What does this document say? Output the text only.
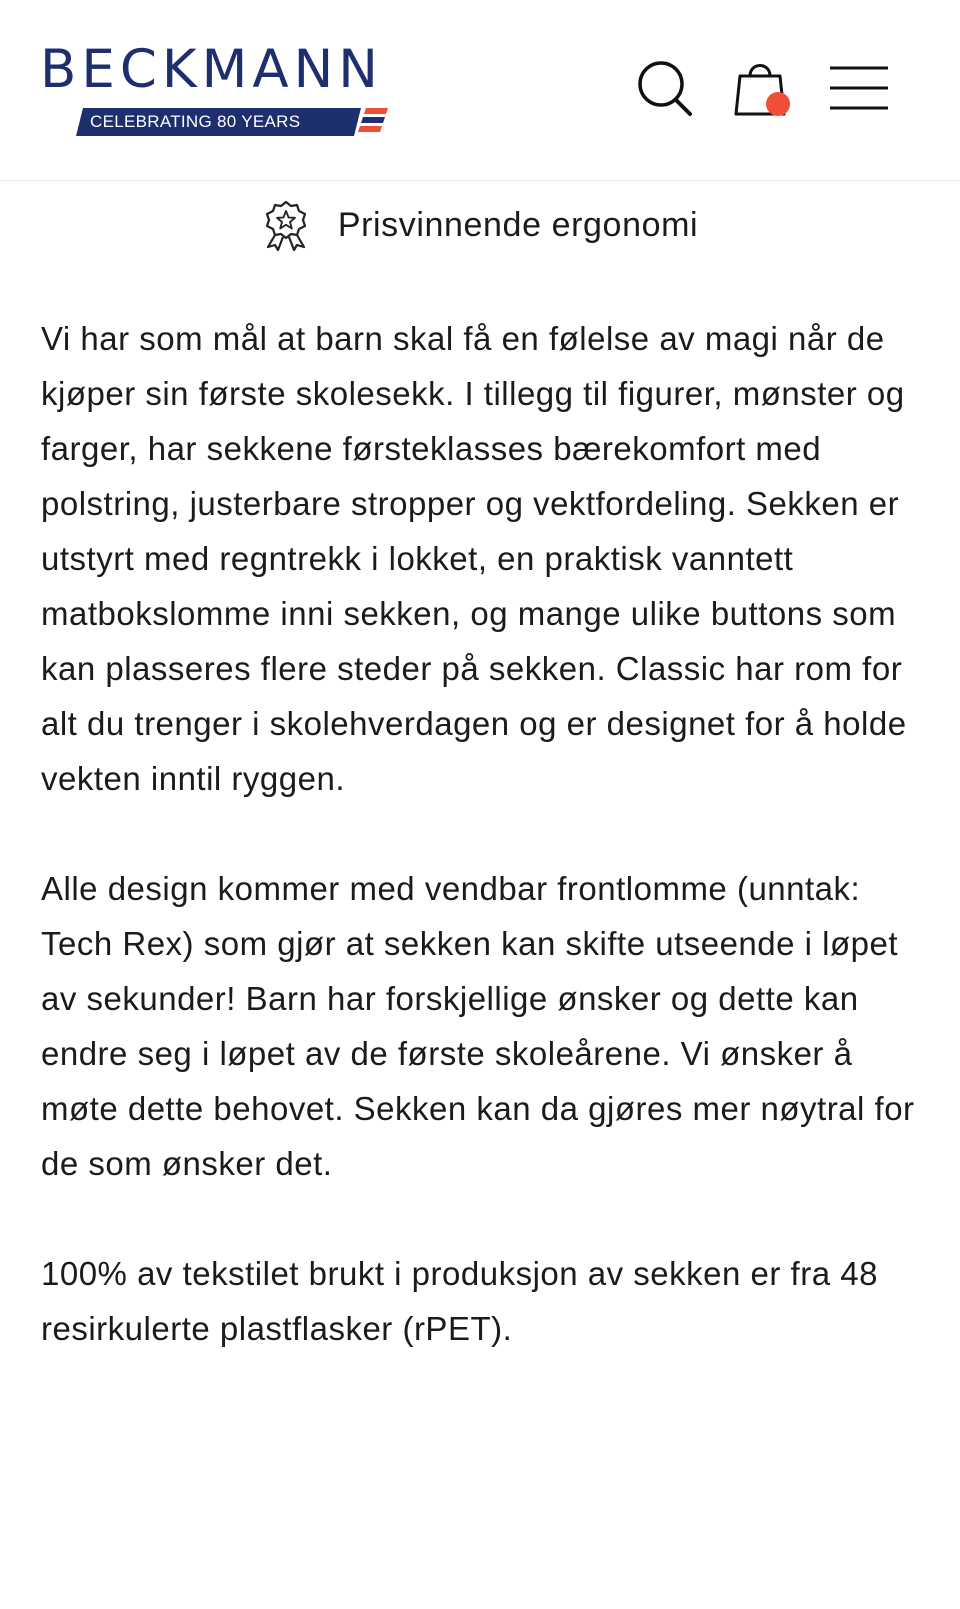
BECKMANN
CELEBRATING 80 YEARS
Prisvinnende ergonomi

Vi har som mål at barn skal få en følelse av magi når de kjøper sin første skolesekk. I tillegg til figurer, mønster og farger, har sekkene førsteklasses bærekomfort med polstring, justerbare stropper og vektfordeling. Sekken er utstyrt med regntrekk i lokket, en praktisk vanntett matbokslomme inni sekken, og mange ulike buttons som kan plasseres flere steder på sekken. Classic har rom for alt du trenger i skolehverdagen og er designet for å holde vekten inntil ryggen.

Alle design kommer med vendbar frontlomme (unntak: Tech Rex) som gjør at sekken kan skifte utseende i løpet av sekunder! Barn har forskjellige ønsker og dette kan endre seg i løpet av de første skoleårene. Vi ønsker å møte dette behovet. Sekken kan da gjøres mer nøytral for de som ønsker det.

100% av tekstilet brukt i produksjon av sekken er fra 48 resirkulerte plastflasker (rPET).
